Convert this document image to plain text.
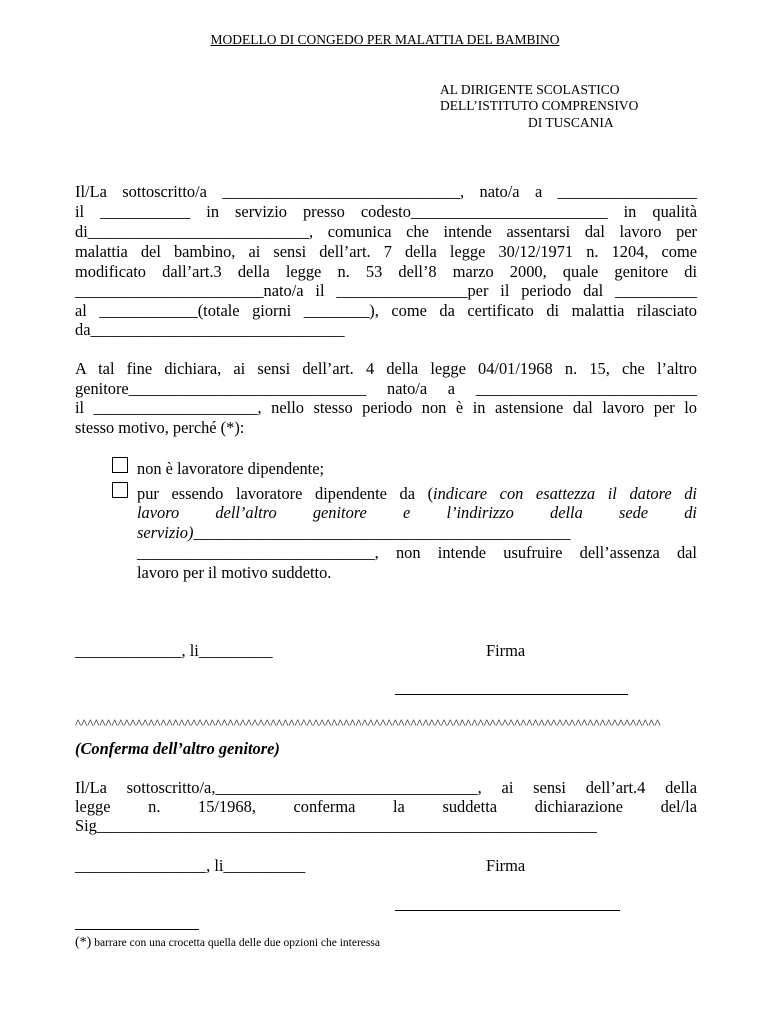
MODELLO DI CONGEDO PER MALATTIA DEL BAMBINO
AL DIRIGENTE SCOLASTICO
DELL’ISTITUTO COMPRENSIVO
DI TUSCANIA
Il/La sottoscritto/a _____________________________, nato/a a _________________
il ___________ in servizio presso codesto________________________ in qualità
di___________________________, comunica che intende assentarsi dal lavoro per
malattia del bambino, ai sensi dell’art. 7 della legge 30/12/1971 n. 1204, come
modificato dall’art.3 della legge n. 53 dell’8 marzo 2000, quale genitore di
_______________________nato/a il ________________per il periodo dal __________
al ____________(totale giorni ________), come da certificato di malattia rilasciato
da_______________________________
A tal fine dichiara, ai sensi dell’art. 4 della legge 04/01/1968 n. 15, che l’altro
genitore_____________________________ nato/a a ___________________________
il ____________________, nello stesso periodo non è in astensione dal lavoro per lo
stesso motivo, perché (*):
non è lavoratore dipendente;
pur essendo lavoratore dipendente da (indicare con esattezza il datore di
lavoro dell’altro genitore e l’indirizzo della sede di
servizio)______________________________________________
_____________________________, non intende usufruire dell’assenza dal
lavoro per il motivo suddetto.
_____________, li_________	Firma
^^^^^^^^^^^^^^^^^^^^^^^^^^^^^^^^^^^^^^^^^^^^^^^^^^^^^^^^^^^^^^^^^^^^^^^^^^^^^^^^^^^^^^^^^^^^^^^^
(Conferma dell’altro genitore)
Il/La sottoscritto/a,________________________________, ai sensi dell’art.4 della
legge n. 15/1968, conferma la suddetta dichiarazione del/la
Sig_____________________________________________________________
________________, li__________	Firma
(*) barrare con una crocetta quella delle due opzioni che interessa
